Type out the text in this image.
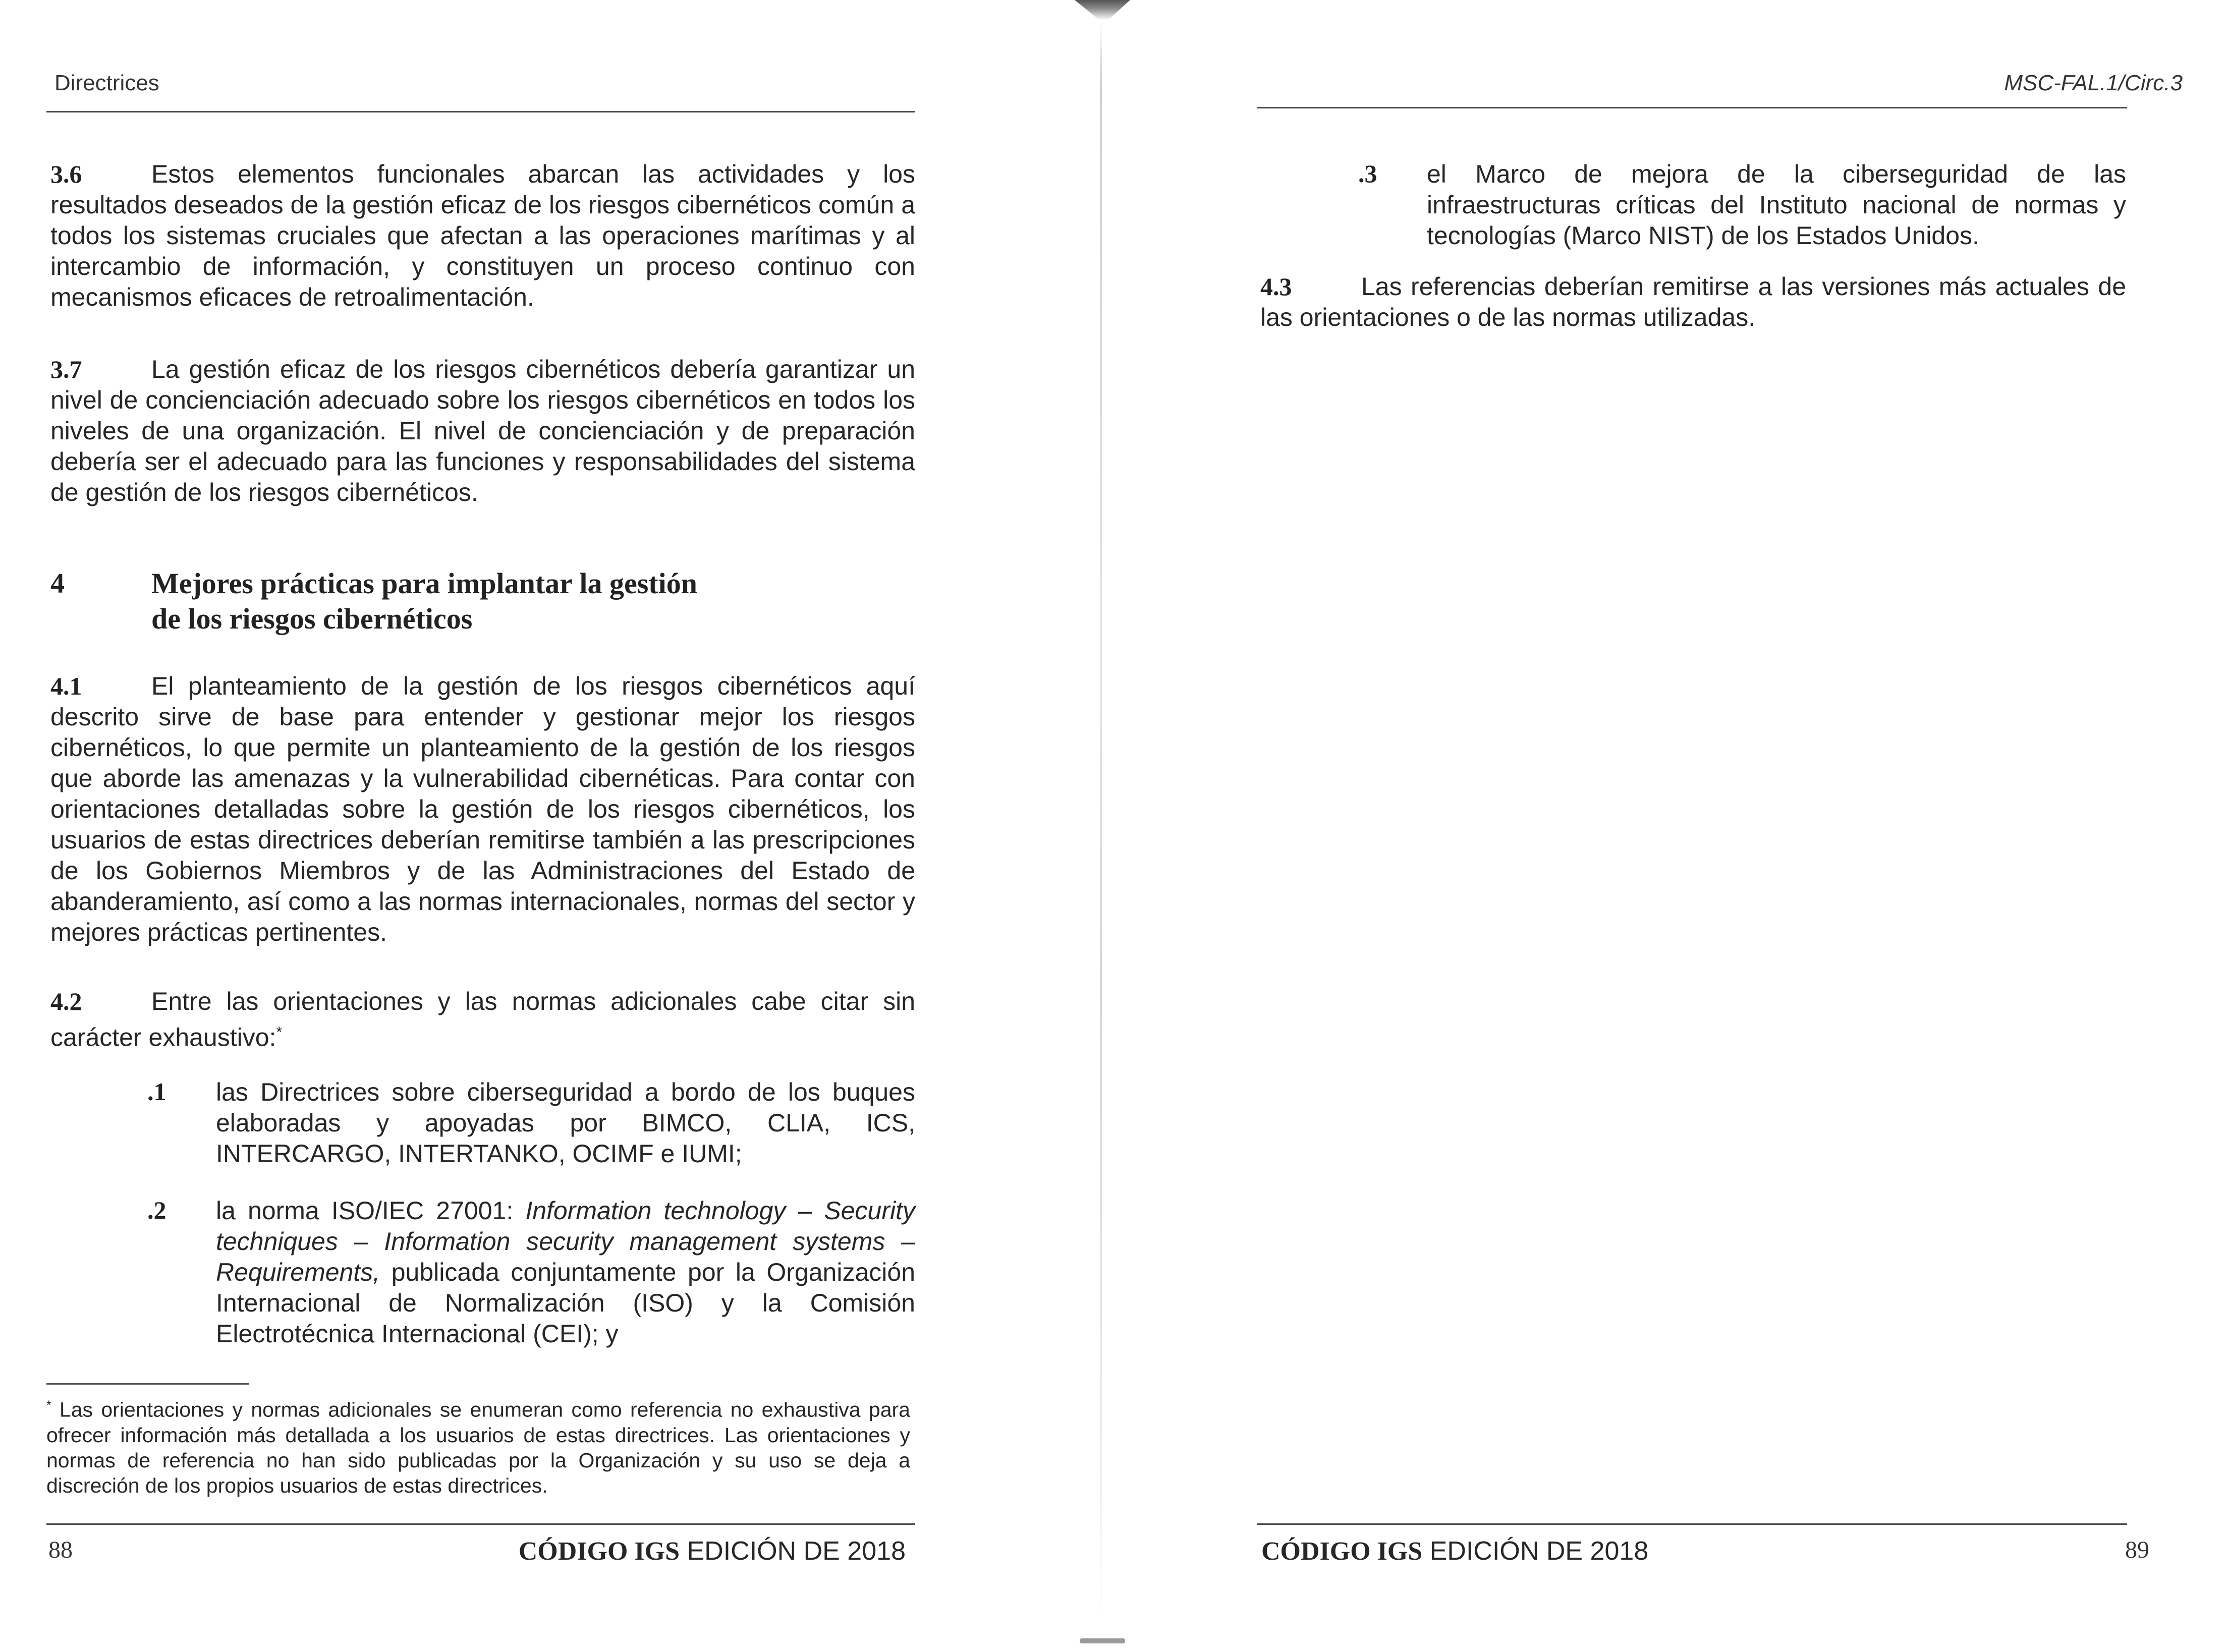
Directrices

3.6	Estos elementos funcionales abarcan las actividades y los resultados deseados de la gestión eficaz de los riesgos cibernéticos común a todos los sistemas cruciales que afectan a las operaciones marítimas y al intercambio de información, y constituyen un proceso continuo con mecanismos eficaces de retroalimentación.

3.7	La gestión eficaz de los riesgos cibernéticos debería garantizar un nivel de concienciación adecuado sobre los riesgos cibernéticos en todos los niveles de una organización. El nivel de concienciación y de preparación debería ser el adecuado para las funciones y responsabilidades del sistema de gestión de los riesgos cibernéticos.

4	Mejores prácticas para implantar la gestión
de los riesgos cibernéticos

4.1	El planteamiento de la gestión de los riesgos cibernéticos aquí descrito sirve de base para entender y gestionar mejor los riesgos cibernéticos, lo que permite un planteamiento de la gestión de los riesgos que aborde las amenazas y la vulnerabilidad cibernéticas. Para contar con orientaciones detalladas sobre la gestión de los riesgos cibernéticos, los usuarios de estas directrices deberían remitirse también a las prescripciones de los Gobiernos Miembros y de las Administraciones del Estado de abanderamiento, así como a las normas internacionales, normas del sector y mejores prácticas pertinentes.

4.2	Entre las orientaciones y las normas adicionales cabe citar sin carácter exhaustivo:*

.1 las Directrices sobre ciberseguridad a bordo de los buques elaboradas y apoyadas por BIMCO, CLIA, ICS, INTERCARGO, INTERTANKO, OCIMF e IUMI;

.2 la norma ISO/IEC 27001: Information technology – Security techniques – Information security management systems – Requirements, publicada conjuntamente por la Organización Internacional de Normalización (ISO) y la Comisión Electrotécnica Internacional (CEI); y

* Las orientaciones y normas adicionales se enumeran como referencia no exhaustiva para ofrecer información más detallada a los usuarios de estas directrices. Las orientaciones y normas de referencia no han sido publicadas por la Organización y su uso se deja a discreción de los propios usuarios de estas directrices.

88	CÓDIGO IGS EDICIÓN DE 2018
MSC-FAL.1/Circ.3
.3 el Marco de mejora de la ciberseguridad de las infraestructuras críticas del Instituto nacional de normas y tecnologías (Marco NIST) de los Estados Unidos.

4.3	Las referencias deberían remitirse a las versiones más actuales de las orientaciones o de las normas utilizadas.

CÓDIGO IGS EDICIÓN DE 2018	89
